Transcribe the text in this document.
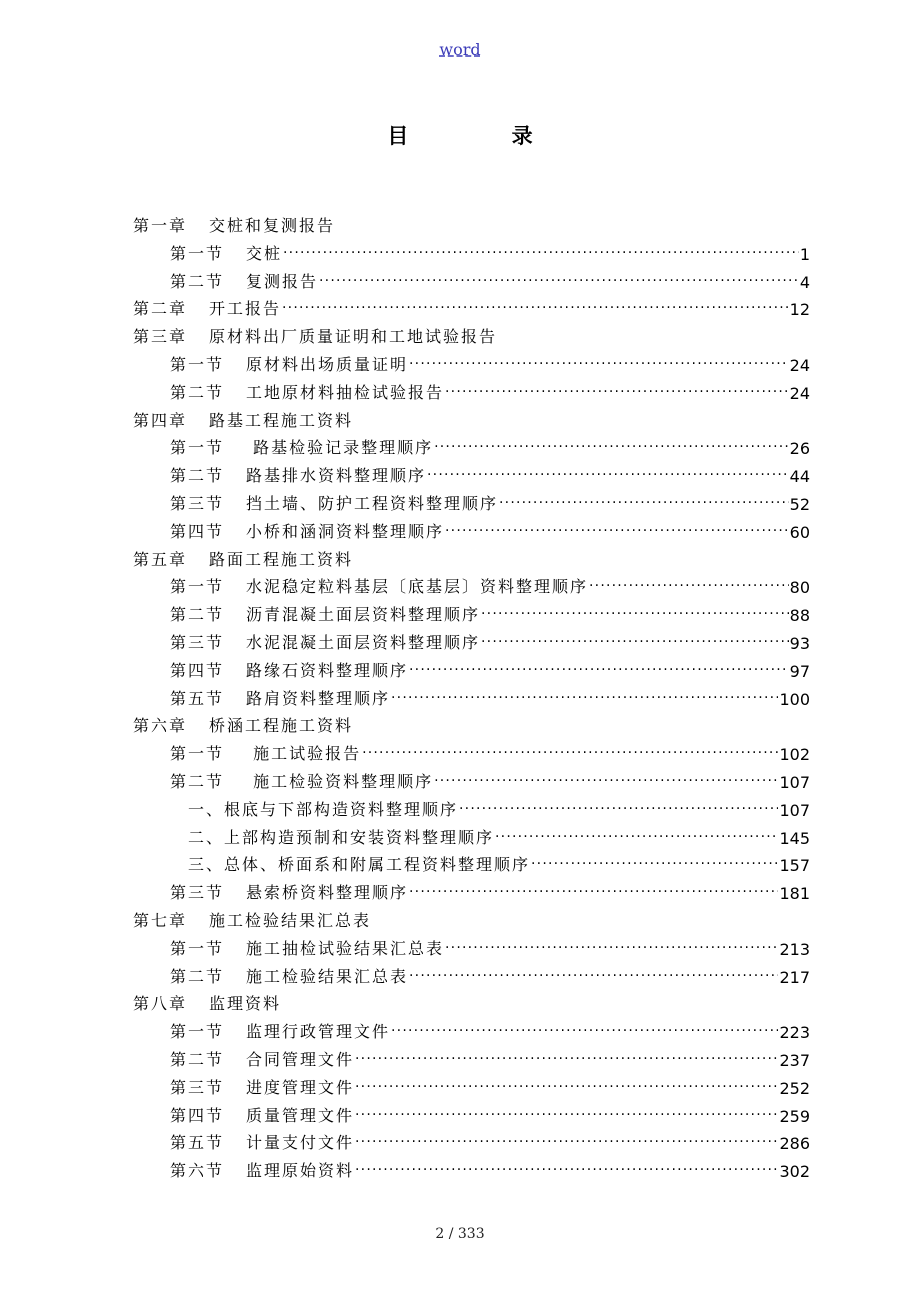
word
目 录
第一章 交桩和复测报告
第一节 交桩 ·····	1
第二节 复测报告 ·····	4
第二章 开工报告 ·····	12
第三章 原材料出厂质量证明和工地试验报告
第一节 原材料出场质量证明 ·····	24
第二节 工地原材料抽检试验报告 ·····	24
第四章 路基工程施工资料
第一节 路基检验记录整理顺序 ·····	26
第二节 路基排水资料整理顺序 ·····	44
第三节 挡土墙、防护工程资料整理顺序 ·····	52
第四节 小桥和涵洞资料整理顺序 ·····	60
第五章 路面工程施工资料
第一节 水泥稳定粒料基层〔底基层〕资料整理顺序 ·····	80
第二节 沥青混凝土面层资料整理顺序 ·····	88
第三节 水泥混凝土面层资料整理顺序 ·····	93
第四节 路缘石资料整理顺序 ·····	97
第五节 路肩资料整理顺序 ·····	100
第六章 桥涵工程施工资料
第一节 施工试验报告 ·····	102
第二节 施工检验资料整理顺序 ·····	107
一、根底与下部构造资料整理顺序 ·····	107
二、上部构造预制和安装资料整理顺序 ·····	145
三、总体、桥面系和附属工程资料整理顺序 ·····	157
第三节 悬索桥资料整理顺序 ·····	181
第七章 施工检验结果汇总表
第一节 施工抽检试验结果汇总表 ·····	213
第二节 施工检验结果汇总表 ·····	217
第八章 监理资料
第一节 监理行政管理文件 ·····	223
第二节 合同管理文件 ·····	237
第三节 进度管理文件 ·····	252
第四节 质量管理文件 ·····	259
第五节 计量支付文件 ·····	286
第六节 监理原始资料 ·····	302
2 / 333
